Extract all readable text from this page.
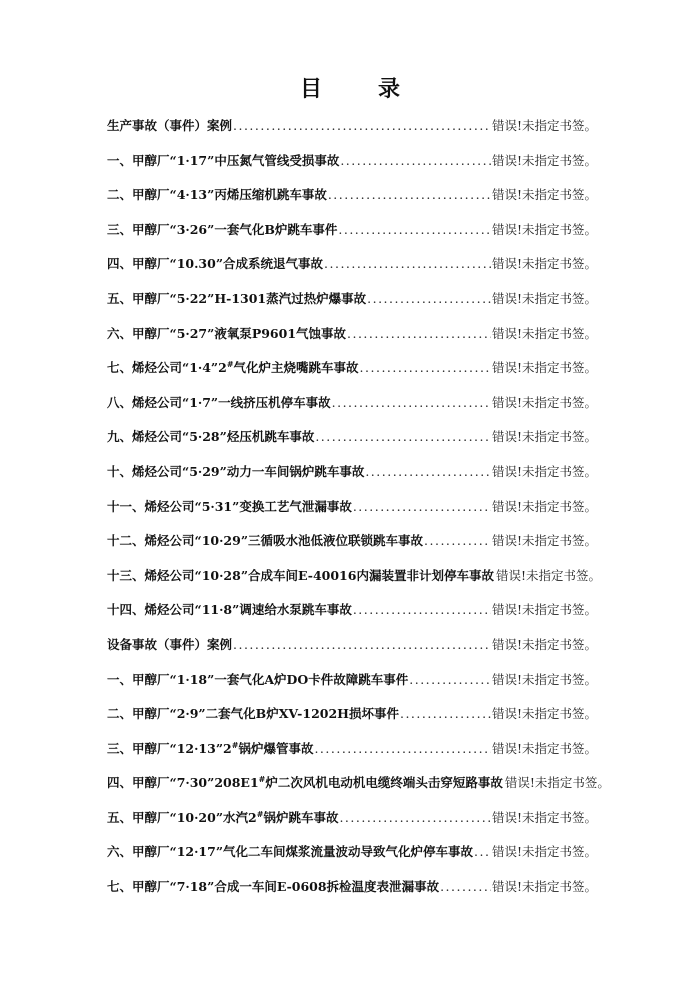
目	录
生产事故（事件）案例 .....	错误!未指定书签。
一、甲醇厂“1·17”中压氮气管线受损事故 .....	错误!未指定书签。
二、甲醇厂“4·13”丙烯压缩机跳车事故 .....	错误!未指定书签。
三、甲醇厂“3·26”一套气化B炉跳车事件 .....	错误!未指定书签。
四、甲醇厂“10.30”合成系统退气事故 .....	错误!未指定书签。
五、甲醇厂“5·22”H-1301蒸汽过热炉爆事故 .....	错误!未指定书签。
六、甲醇厂“5·27”液氧泵P9601气蚀事故 .....	错误!未指定书签。
七、烯烃公司“1·4”2#气化炉主烧嘴跳车事故 .....	错误!未指定书签。
八、烯烃公司“1·7”一线挤压机停车事故 .....	错误!未指定书签。
九、烯烃公司“5·28”烃压机跳车事故 .....	错误!未指定书签。
十、烯烃公司“5·29”动力一车间锅炉跳车事故 .....	错误!未指定书签。
十一、烯烃公司“5·31”变换工艺气泄漏事故 .....	错误!未指定书签。
十二、烯烃公司“10·29”三循吸水池低液位联锁跳车事故 .....	错误!未指定书签。
十三、烯烃公司“10·28”合成车间E-40016内漏装置非计划停车事故 错误!未指定书签。
十四、烯烃公司“11·8”调速给水泵跳车事故 .....	错误!未指定书签。
设备事故（事件）案例 .....	错误!未指定书签。
一、甲醇厂“1·18”一套气化A炉DO卡件故障跳车事件 .....	错误!未指定书签。
二、甲醇厂“2·9”二套气化B炉XV-1202H损坏事件 .....	错误!未指定书签。
三、甲醇厂“12·13”2#锅炉爆管事故 .....	错误!未指定书签。
四、甲醇厂“7·30”208E1#炉二次风机电动机电缆终端头击穿短路事故 错误!未指定书签。
五、甲醇厂“10·20”水汽2#锅炉跳车事故 .....	错误!未指定书签。
六、甲醇厂“12·17”气化二车间煤浆流量波动导致气化炉停车事故 ..... 错误!未指定书签。
七、甲醇厂“7·18”合成一车间E-0608拆检温度表泄漏事故 .....	错误!未指定书签。
